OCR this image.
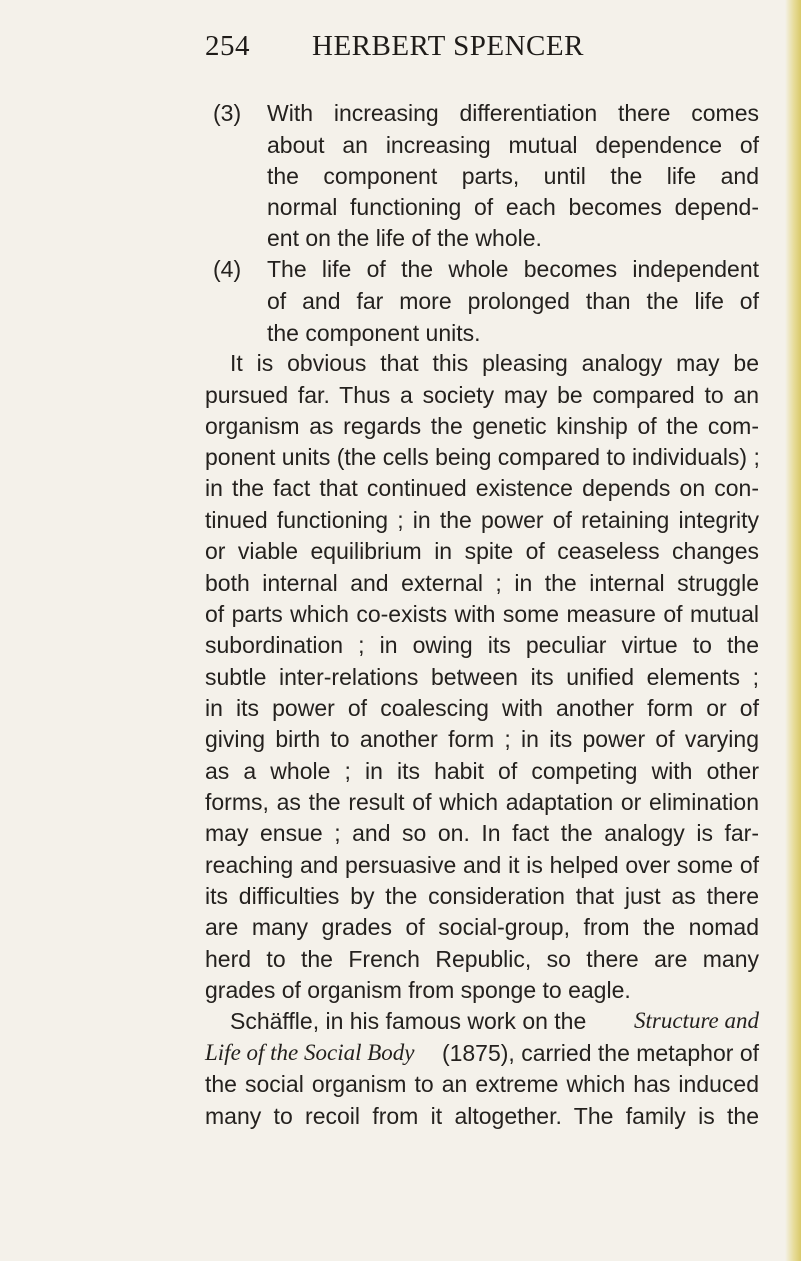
254 HERBERT SPENCER
(3) With increasing differentiation there comes
about an increasing mutual dependence of
the component parts, until the life and
normal functioning of each becomes depend-
ent on the life of the whole.
(4) The life of the whole becomes independent
of and far more prolonged than the life of
the component units.
It is obvious that this pleasing analogy may be
pursued far. Thus a society may be compared to an
organism as regards the genetic kinship of the com-
ponent units (the cells being compared to individuals) ;
in the fact that continued existence depends on con-
tinued functioning ; in the power of retaining integrity
or viable equilibrium in spite of ceaseless changes
both internal and external ; in the internal struggle
of parts which co-exists with some measure of mutual
subordination ; in owing its peculiar virtue to the
subtle inter-relations between its unified elements ;
in its power of coalescing with another form or of
giving birth to another form ; in its power of varying
as a whole ; in its habit of competing with other
forms, as the result of which adaptation or elimination
may ensue ; and so on. In fact the analogy is far-
reaching and persuasive and it is helped over some of
its difficulties by the consideration that just as there
are many grades of social-group, from the nomad
herd to the French Republic, so there are many
grades of organism from sponge to eagle.
Schäffle, in his famous work on the Structure and
Life of the Social Body (1875), carried the metaphor of
the social organism to an extreme which has induced
many to recoil from it altogether. The family is the
